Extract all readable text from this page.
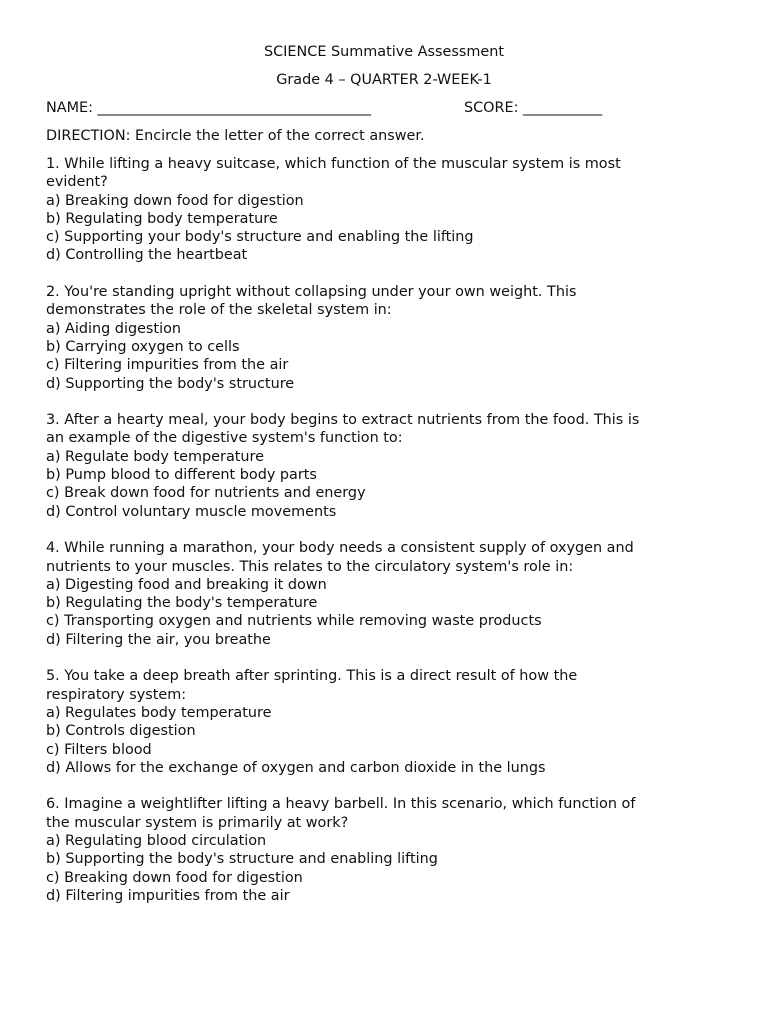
SCIENCE Summative Assessment
Grade 4 – QUARTER 2-WEEK-1
NAME: ______________________________________	SCORE: ___________
DIRECTION: Encircle the letter of the correct answer.

1. While lifting a heavy suitcase, which function of the muscular system is most

evident?

a) Breaking down food for digestion

b) Regulating body temperature

c) Supporting your body's structure and enabling the lifting

d) Controlling the heartbeat

2. You're standing upright without collapsing under your own weight. This

demonstrates the role of the skeletal system in:

a) Aiding digestion

b) Carrying oxygen to cells

c) Filtering impurities from the air

d) Supporting the body's structure

3. After a hearty meal, your body begins to extract nutrients from the food. This is

an example of the digestive system's function to:

a) Regulate body temperature

b) Pump blood to different body parts

c) Break down food for nutrients and energy

d) Control voluntary muscle movements

4. While running a marathon, your body needs a consistent supply of oxygen and

nutrients to your muscles. This relates to the circulatory system's role in:

a) Digesting food and breaking it down

b) Regulating the body's temperature

c) Transporting oxygen and nutrients while removing waste products

d) Filtering the air, you breathe

5. You take a deep breath after sprinting. This is a direct result of how the

respiratory system:

a) Regulates body temperature

b) Controls digestion

c) Filters blood

d) Allows for the exchange of oxygen and carbon dioxide in the lungs

6. Imagine a weightlifter lifting a heavy barbell. In this scenario, which function of

the muscular system is primarily at work?

a) Regulating blood circulation

b) Supporting the body's structure and enabling lifting

c) Breaking down food for digestion

d) Filtering impurities from the air
